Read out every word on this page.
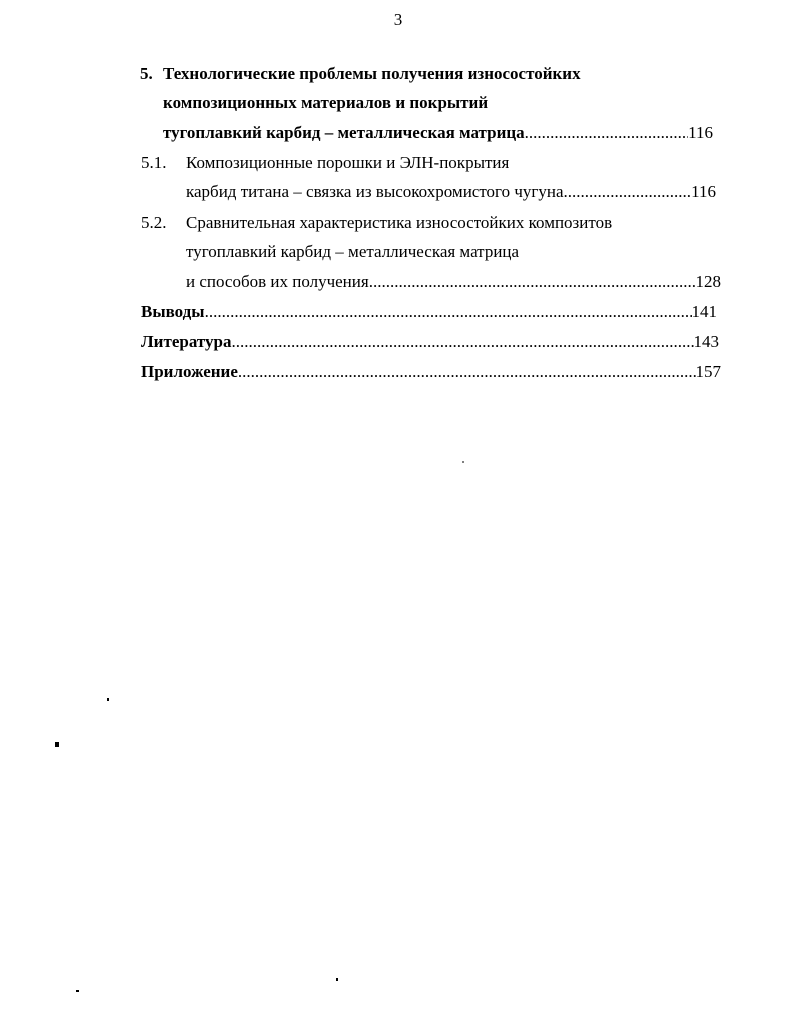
3
5. Технологические проблемы получения износостойких
композиционных материалов и покрытий
тугоплавкий карбид – металлическая матрица .....	116
5.1. Композиционные порошки и ЭЛН-покрытия
карбид титана – связка из высокохромистого чугуна .....	116
5.2. Сравнительная характеристика износостойких композитов
тугоплавкий карбид – металлическая матрица
и способов их получения .....	128
Выводы .....	141
Литература .....	143
Приложение .....	157
